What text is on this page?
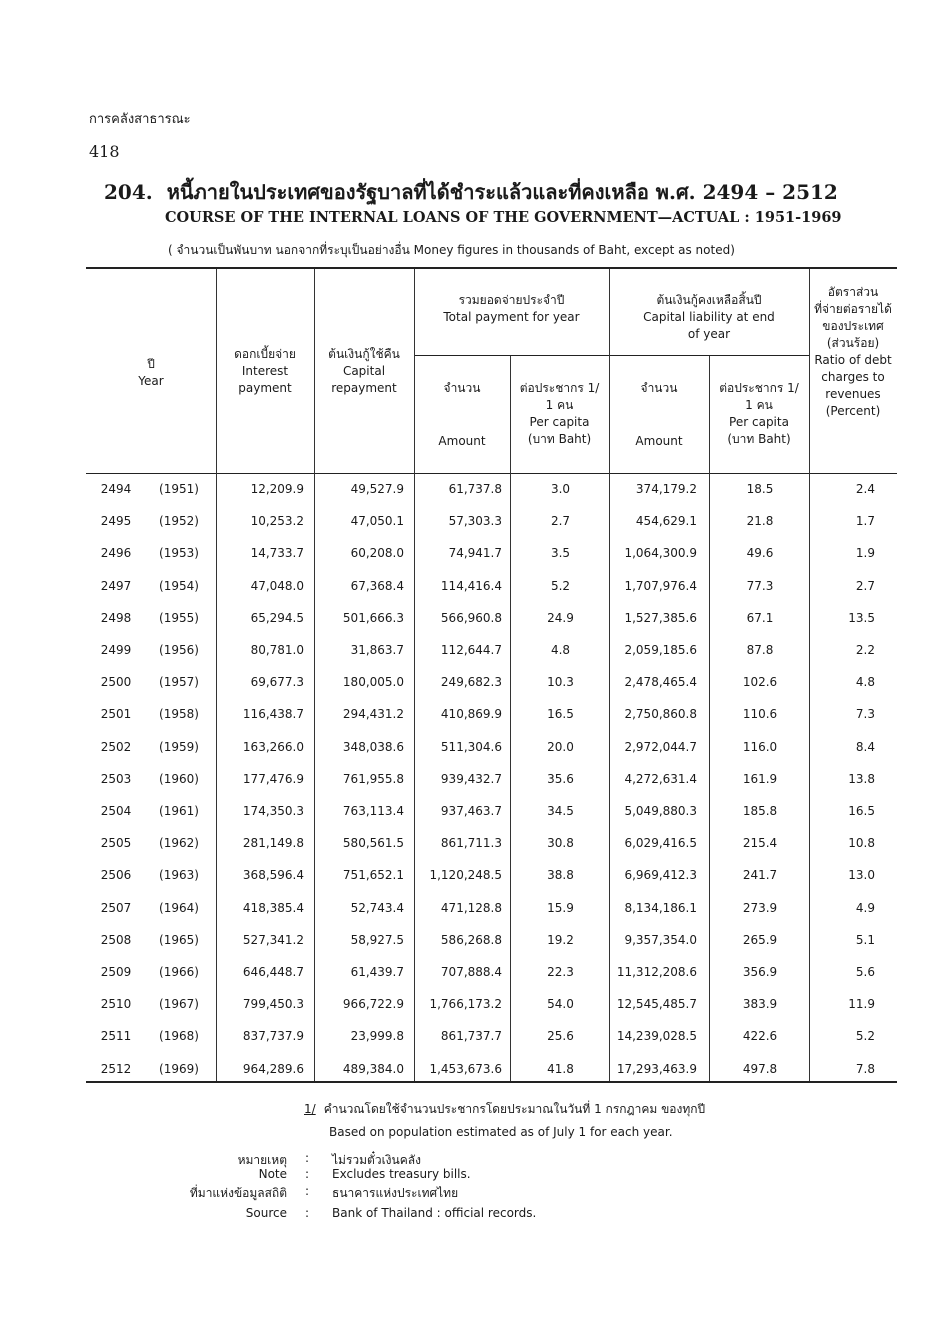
การคลังสาธารณะ
418
204. หนี้ภายในประเทศของรัฐบาลที่ได้ชำระแล้วและที่คงเหลือ พ.ศ. 2494 – 2512
COURSE OF THE INTERNAL LOANS OF THE GOVERNMENT—ACTUAL : 1951-1969
( จำนวนเป็นพันบาท นอกจากที่ระบุเป็นอย่างอื่น Money figures in thousands of Baht, except as noted)
ปี
Year
ดอกเบี้ยจ่าย
Interest
payment
ต้นเงินกู้ใช้คืน
Capital
repayment
รวมยอดจ่ายประจำปี
Total payment for year
ต้นเงินกู้คงเหลือสิ้นปี
Capital liability at end
of year
อัตราส่วน
ที่จ่ายต่อรายได้
ของประเทศ
(ส่วนร้อย)
Ratio of debt
charges to
revenues
(Percent)
จำนวน
Amount
ต่อประชากร 1/
1 คน
Per capita
(บาท Baht)
จำนวน
Amount
ต่อประชากร 1/
1 คน
Per capita
(บาท Baht)
2494	(1951)	12,209.9	49,527.9	61,737.8	3.0	374,179.2	18.5	2.4
2495	(1952)	10,253.2	47,050.1	57,303.3	2.7	454,629.1	21.8	1.7
2496	(1953)	14,733.7	60,208.0	74,941.7	3.5	1,064,300.9	49.6	1.9
2497	(1954)	47,048.0	67,368.4	114,416.4	5.2	1,707,976.4	77.3	2.7
2498	(1955)	65,294.5	501,666.3	566,960.8	24.9	1,527,385.6	67.1	13.5
2499	(1956)	80,781.0	31,863.7	112,644.7	4.8	2,059,185.6	87.8	2.2
2500	(1957)	69,677.3	180,005.0	249,682.3	10.3	2,478,465.4	102.6	4.8
2501	(1958)	116,438.7	294,431.2	410,869.9	16.5	2,750,860.8	110.6	7.3
2502	(1959)	163,266.0	348,038.6	511,304.6	20.0	2,972,044.7	116.0	8.4
2503	(1960)	177,476.9	761,955.8	939,432.7	35.6	4,272,631.4	161.9	13.8
2504	(1961)	174,350.3	763,113.4	937,463.7	34.5	5,049,880.3	185.8	16.5
2505	(1962)	281,149.8	580,561.5	861,711.3	30.8	6,029,416.5	215.4	10.8
2506	(1963)	368,596.4	751,652.1	1,120,248.5	38.8	6,969,412.3	241.7	13.0
2507	(1964)	418,385.4	52,743.4	471,128.8	15.9	8,134,186.1	273.9	4.9
2508	(1965)	527,341.2	58,927.5	586,268.8	19.2	9,357,354.0	265.9	5.1
2509	(1966)	646,448.7	61,439.7	707,888.4	22.3	11,312,208.6	356.9	5.6
2510	(1967)	799,450.3	966,722.9	1,766,173.2	54.0	12,545,485.7	383.9	11.9
2511	(1968)	837,737.9	23,999.8	861,737.7	25.6	14,239,028.5	422.6	5.2
2512	(1969)	964,289.6	489,384.0	1,453,673.6	41.8	17,293,463.9	497.8	7.8
1/ คำนวณโดยใช้จำนวนประชากรโดยประมาณในวันที่ 1 กรกฎาคม ของทุกปี
Based on population estimated as of July 1 for each year.
หมายเหตุ : ไม่รวมตั๋วเงินคลัง
Note : Excludes treasury bills.
ที่มาแห่งข้อมูลสถิติ : ธนาคารแห่งประเทศไทย
Source : Bank of Thailand : official records.
